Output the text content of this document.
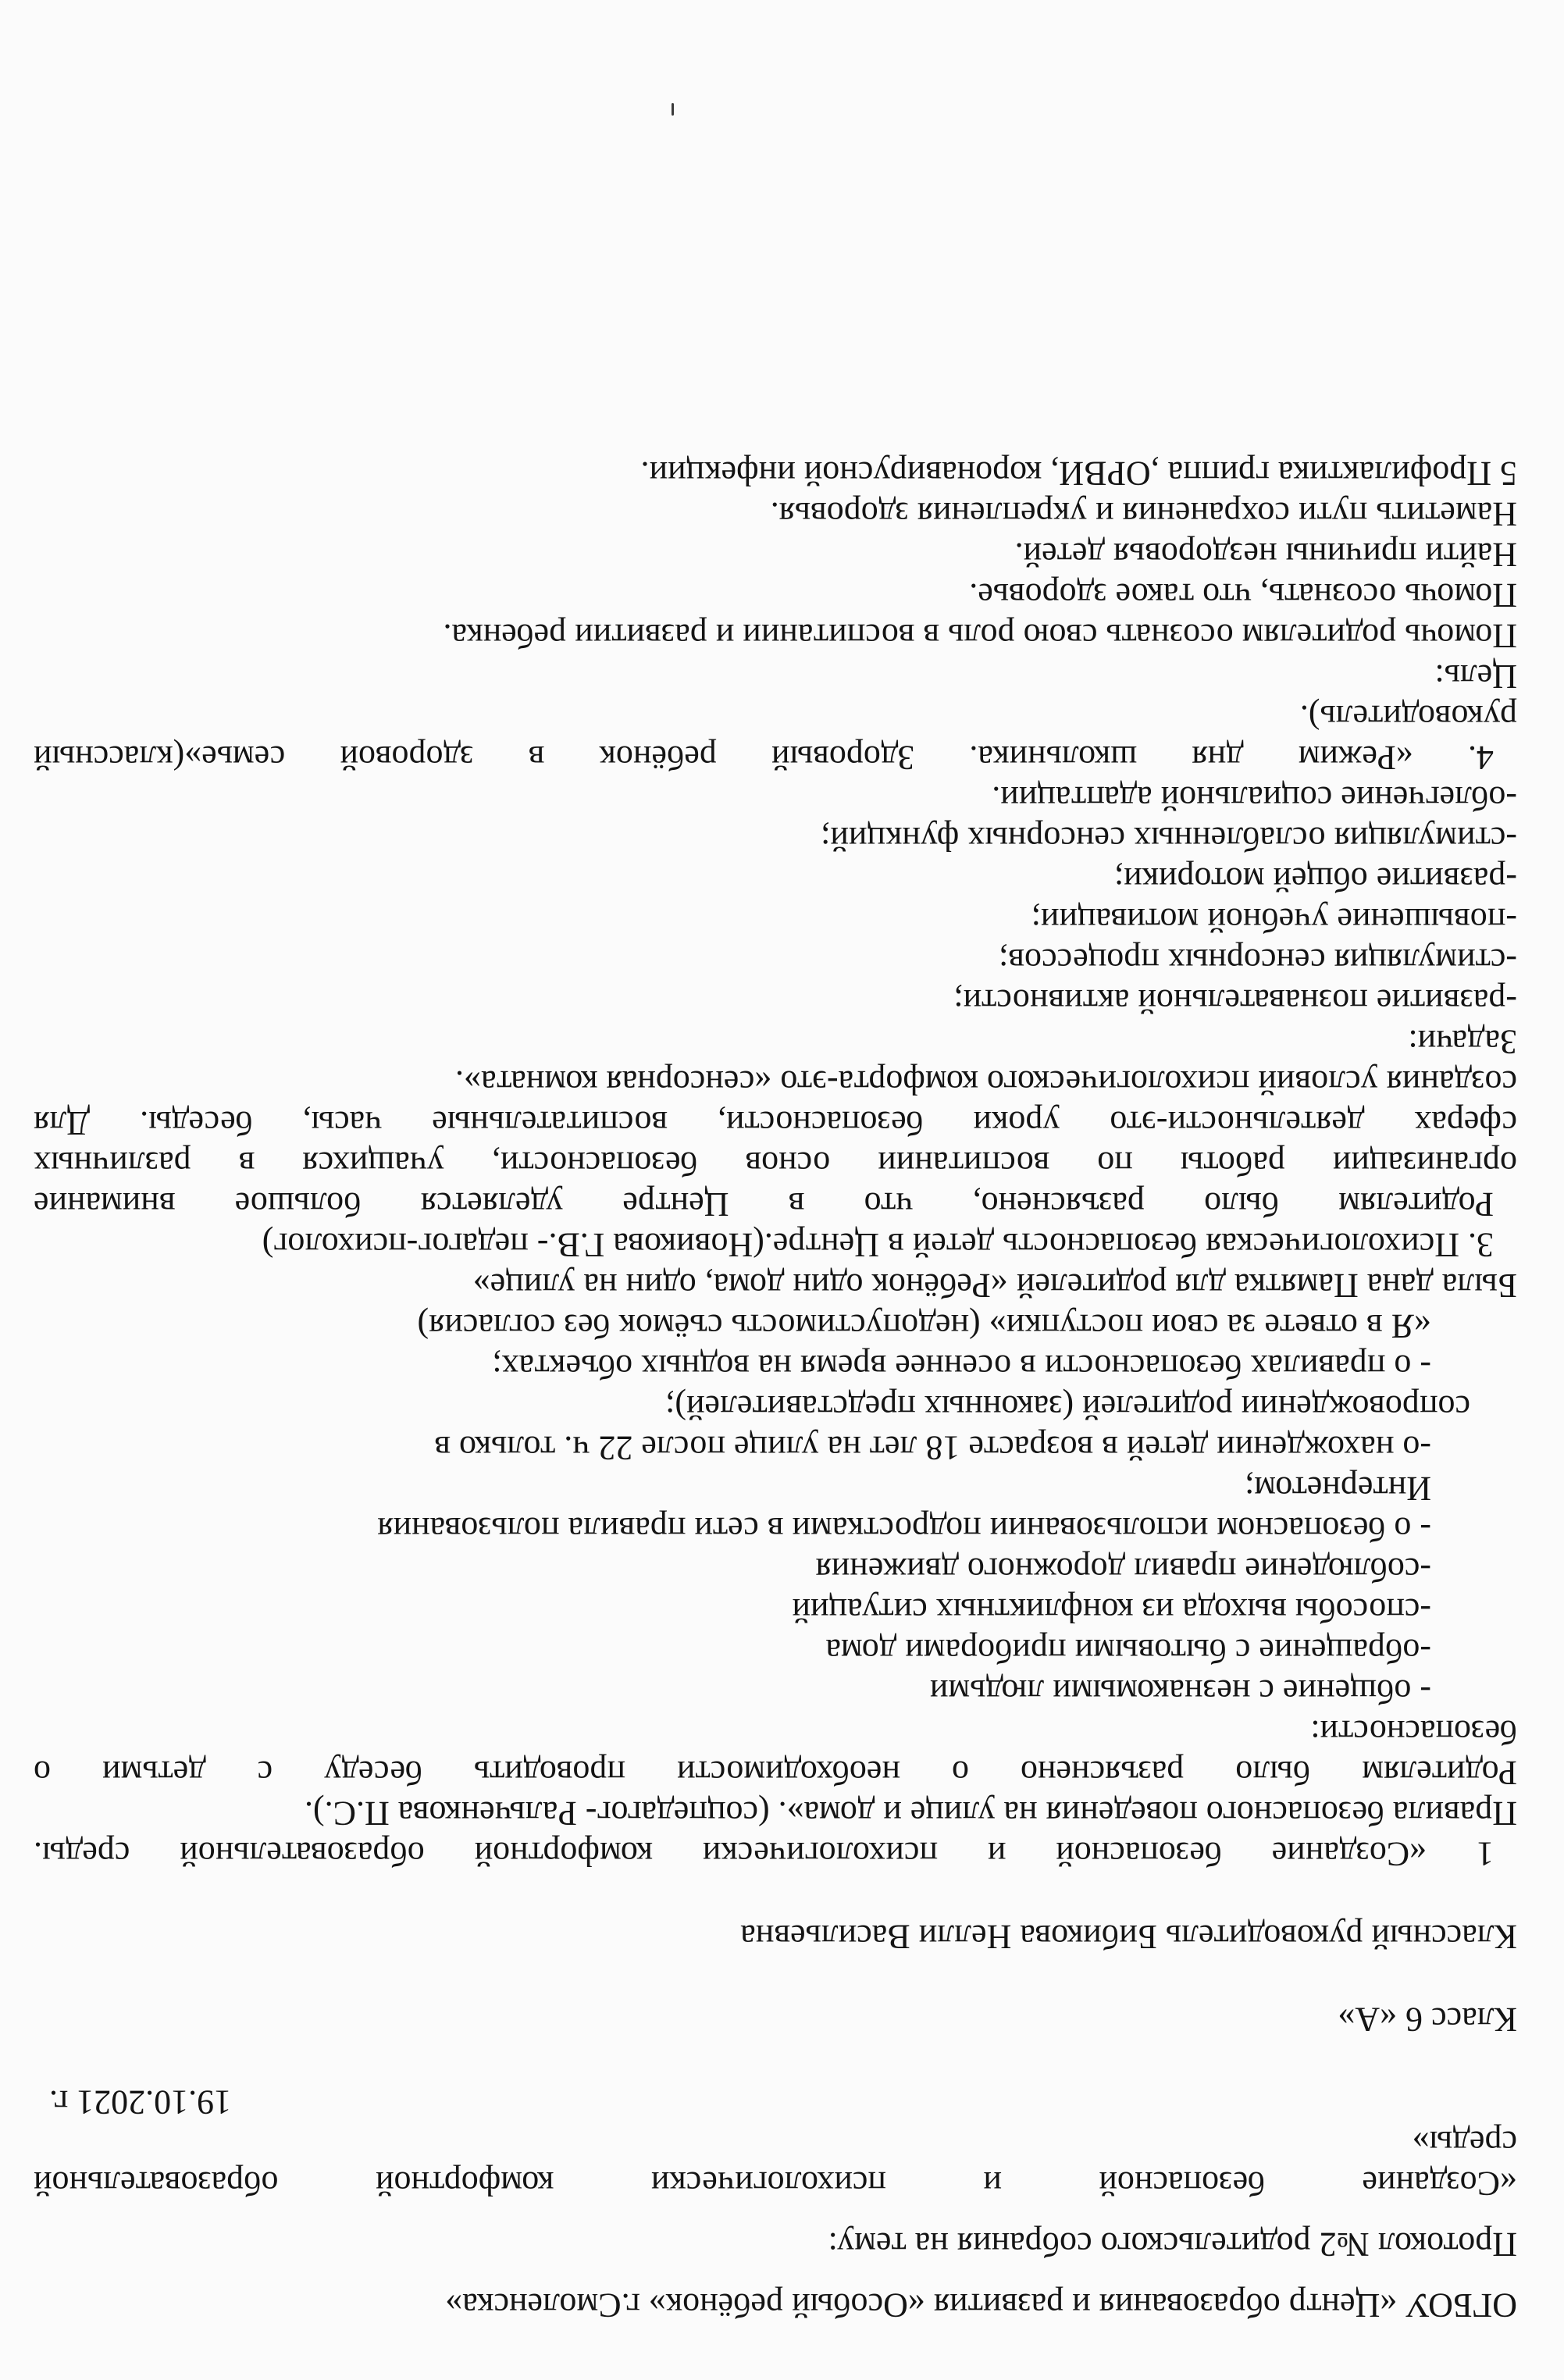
ОГБОУ «Центр образования и развития «Особый ребёнок» г.Смоленска»

Протокол №2 родительского собрания на тему:

«Создание безопасной и психологически комфортной образовательной

среды»

19.10.2021 г.

Класс 6 «А»

Классный руководитель Бибикова Нелли Васильевна

1 «Создание безопасной и психологически комфортной образовательной среды.

Правила безопасного поведения на улице и дома». (соцпедагог- Ральченкова П.С.).

Родителям было разъяснено о необходимости проводить беседу с детьми о

безопасности:

- общение с незнакомыми людьми

-обращение с бытовыми приборами дома

-способы выхода из конфликтных ситуаций

-соблюдение правил дорожного движения

- о безопасном использовании подростками в сети правила пользования

Интернетом;

-о нахождении детей в возрасте 18 лет на улице после 22 ч. только в

сопровождении родителей (законных представителей);

- о правилах безопасности в осеннее время на водных объектах;

«Я в ответе за свои поступки» (недопустимость съёмок без согласия)

Была дана Памятка для родителей «Ребёнок один дома, один на улице»

3. Психологическая безопасность детей в Центре.(Новикова Г.В.- педагог-психолог)

Родителям было разъяснено, что в Центре уделяется большое внимание

организации работы по воспитании основ безопасности, учащихся в различных

сферах деятельности-это уроки безопасности, воспитательные часы, беседы. Для

создания условий психологического комфорта-это «сенсорная комната».

Задачи:

-развитие познавательной активности;

-стимуляция сенсорных процессов;

-повышение учебной мотивации;

-развитие общей моторики;

-стимуляция ослабленных сенсорных функций;

-облегчение социальной адаптации.

4. «Режим дня школьника. Здоровый ребёнок в здоровой семье»(классный

руководитель).

Цель:

Помочь родителям осознать свою роль в воспитании и развитии ребенка.

Помочь осознать, что такое здоровье.

Найти причины нездоровья детей.

Наметить пути сохранения и укрепления здоровья.

5 Профилактика гриппа ,ОРВИ, коронавирусной инфекции.
